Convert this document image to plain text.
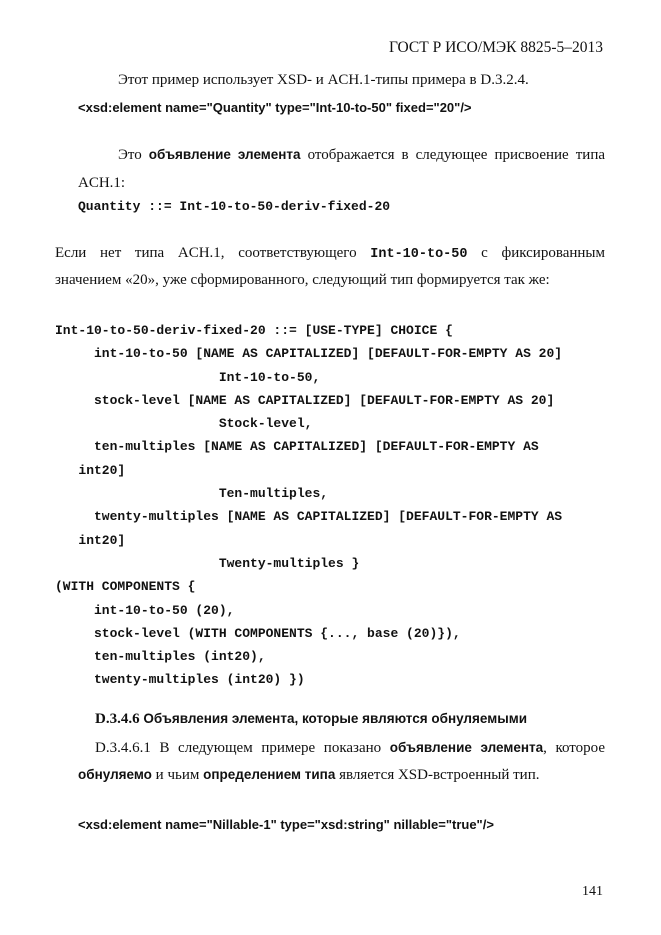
ГОСТ Р ИСО/МЭК 8825-5–2013
Этот пример использует XSD- и ACH.1-типы примера в D.3.2.4.
<xsd:element name="Quantity" type="Int-10-to-50" fixed="20"/>
Это объявление элемента отображается в следующее присвоение типа
ACH.1:
Quantity ::= Int-10-to-50-deriv-fixed-20
Если нет типа ACH.1, соответствующего Int-10-to-50 с фиксированным
значением «20», уже сформированного, следующий тип формируется так же:
Int-10-to-50-deriv-fixed-20 ::= [USE-TYPE] CHOICE {
int-10-to-50 [NAME AS CAPITALIZED] [DEFAULT-FOR-EMPTY AS 20]
Int-10-to-50,
stock-level [NAME AS CAPITALIZED] [DEFAULT-FOR-EMPTY AS 20]
Stock-level,
ten-multiples [NAME AS CAPITALIZED] [DEFAULT-FOR-EMPTY AS
int20]
Ten-multiples,
twenty-multiples [NAME AS CAPITALIZED] [DEFAULT-FOR-EMPTY AS
int20]
Twenty-multiples }
(WITH COMPONENTS {
int-10-to-50 (20),
stock-level (WITH COMPONENTS {..., base (20)}),
ten-multiples (int20),
twenty-multiples (int20) })
D.3.4.6 Объявления элемента, которые являются обнуляемыми
D.3.4.6.1 В следующем примере показано объявление элемента, которое
обнуляемо и чьим определением типа является XSD-встроенный тип.
<xsd:element name="Nillable-1" type="xsd:string" nillable="true"/>
141
